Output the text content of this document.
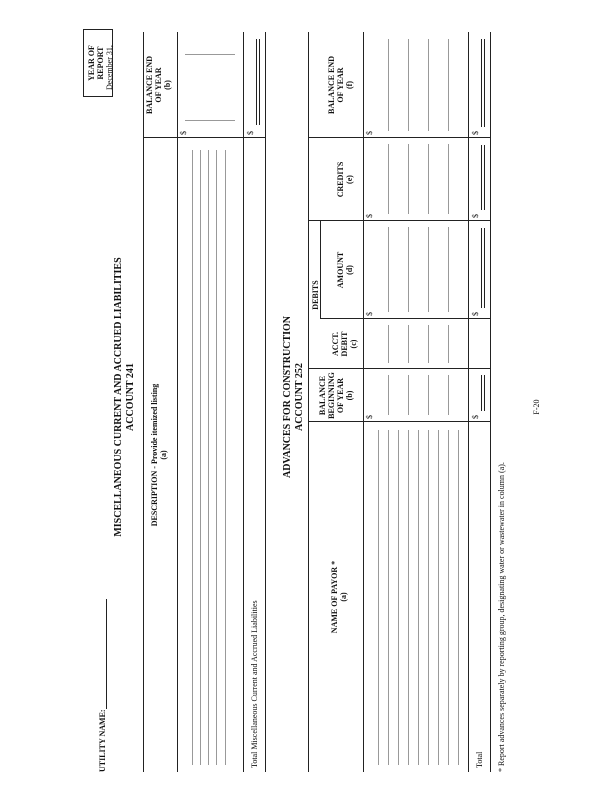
UTILITY NAME:
YEAR OF REPORT December 31,
MISCELLANEOUS CURRENT AND ACCRUED LIABILITIES ACCOUNT 241 DESCRIPTION - Provide itemized listing (a)
BALANCE END OF YEAR (b)
$
Total Miscellaneous Current and Accrued Liabilities
$
ADVANCES FOR CONSTRUCTION ACCOUNT 252
NAME OF PAYOR * (a)
BALANCE BEGINNING OF YEAR (b)
DEBITS
ACCT. DEBIT (c)
AMOUNT (d)
CREDITS (e)
BALANCE END OF YEAR (f)
$
$
$
$
Total
$
$
$
$
* Report advances separately by reporting group, designating water or wastewater in column (a).
F-20
